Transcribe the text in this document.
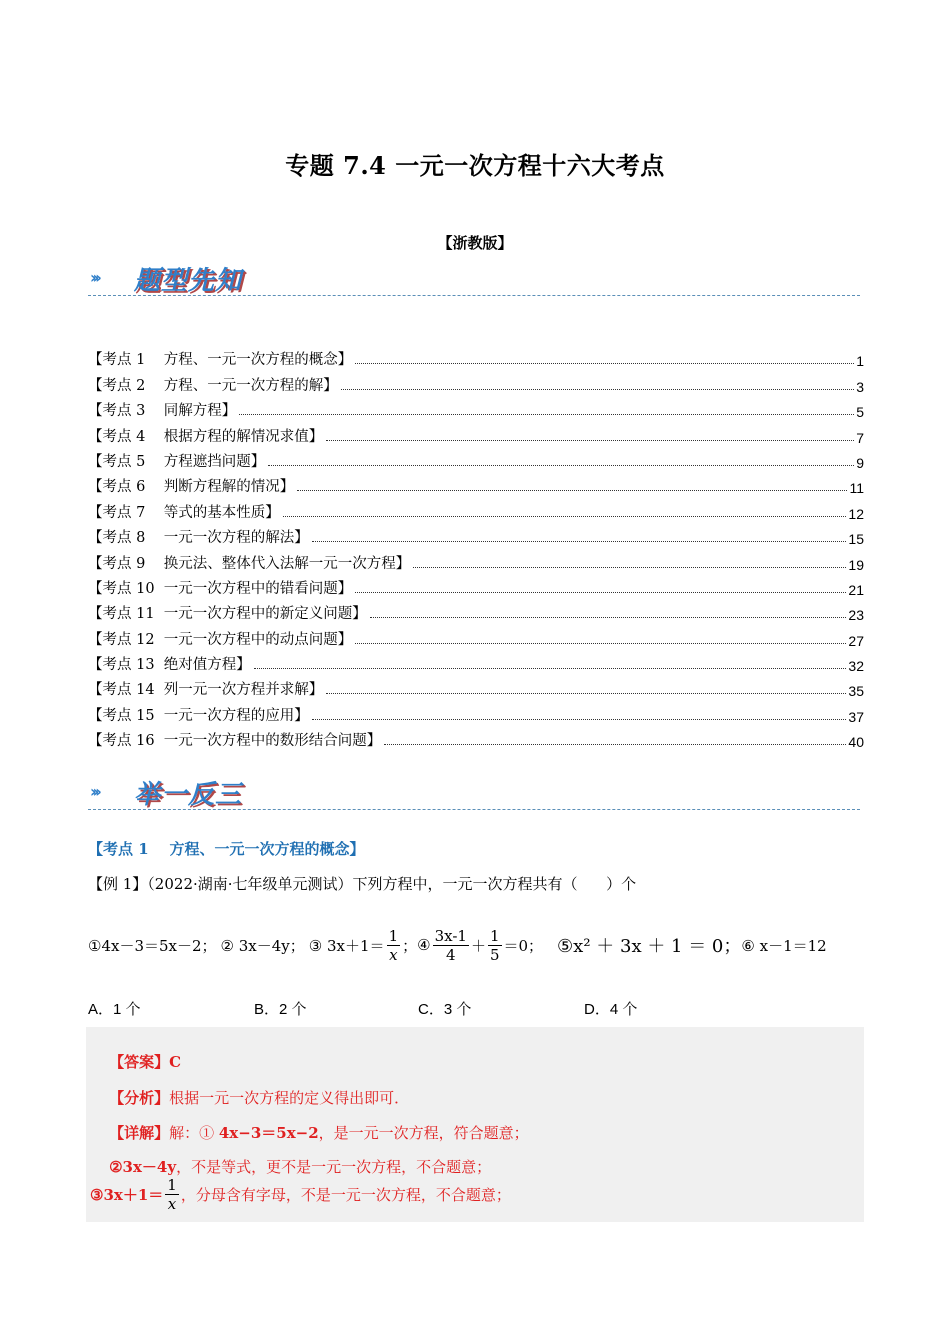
专题 7.4 一元一次方程十六大考点
【浙教版】
››› 题型先知
【考点 1    方程、一元一次方程的概念】	1
【考点 2    方程、一元一次方程的解】	3
【考点 3    同解方程】	5
【考点 4    根据方程的解情况求值】	7
【考点 5    方程遮挡问题】	9
【考点 6    判断方程解的情况】	11
【考点 7    等式的基本性质】	12
【考点 8    一元一次方程的解法】	15
【考点 9    换元法、整体代入法解一元一次方程】	19
【考点 10  一元一次方程中的错看问题】	21
【考点 11  一元一次方程中的新定义问题】	23
【考点 12  一元一次方程中的动点问题】	27
【考点 13  绝对值方程】	32
【考点 14  列一元一次方程并求解】	35
【考点 15  一元一次方程的应用】	37
【考点 16  一元一次方程中的数形结合问题】	40
››› 举一反三
【考点 1    方程、一元一次方程的概念】
【例 1】（2022·湖南·七年级单元测试）下列方程中，一元一次方程共有（      ）个
①4x－3＝5x－2； ② 3x－4y； ③ $3x+1= \frac{1}{x}$ ； ④ $\frac{3x-1}{4} + \frac{1}{5} =0$； ⑤x² ＋ 3x ＋ 1 ＝ 0； ⑥ x－1＝12
A．1 个	B．2 个	C．3 个	D．4 个

【答案】C

【分析】根据一元一次方程的定义得出即可．

【详解】解：① 4x−3＝5x−2，是一元一次方程，符合题意；

②3x－4y，不是等式，更不是一元一次方程，不合题意；

③3x＋1＝ $\frac{1}{x}$ ，分母含有字母，不是一元一次方程，不合题意；
